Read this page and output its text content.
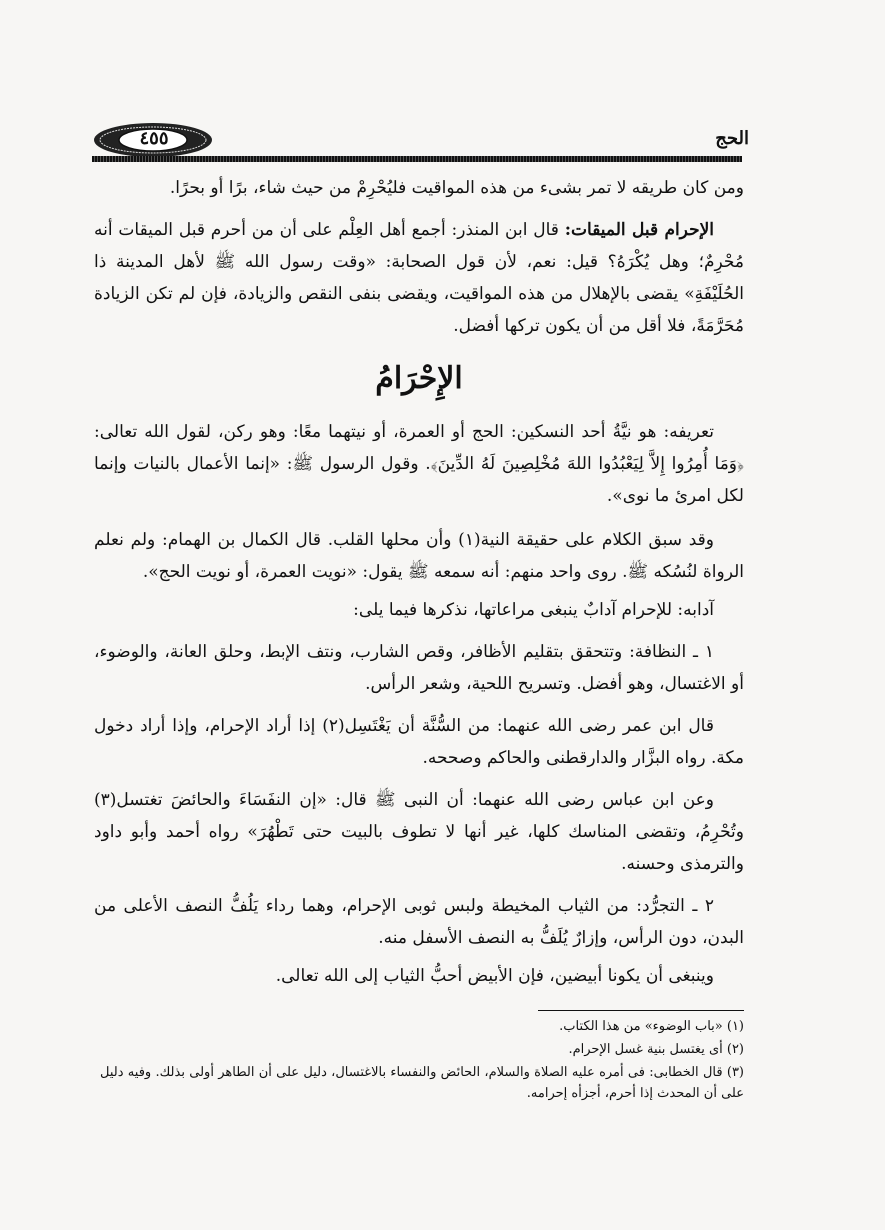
الحج
٤٥٥

ومن كان طريقه لا تمر بشىء من هذه المواقيت فليُحْرِمْ من حيث شاء، برًا أو بحرًا.

الإحرام قبل الميقات: قال ابن المنذر: أجمع أهل العِلْم على أن من أحرم قبل الميقات أنه مُحْرِمٌ؛ وهل يُكْرَهُ؟ قيل: نعم، لأن قول الصحابة: «وقت رسول الله ﷺ لأهل المدينة ذا الحُلَيْفَةِ» يقضى بالإهلال من هذه المواقيت، ويقضى بنفى النقص والزيادة، فإن لم تكن الزيادة مُحَرَّمَةً، فلا أقل من أن يكون تركها أفضل.

الإِحْرَامُ

تعريفه: هو نيَّةُ أحد النسكين: الحج أو العمرة، أو نيتهما معًا: وهو ركن، لقول الله تعالى: ﴿وَمَا أُمِرُوا إِلاَّ لِيَعْبُدُوا اللهَ مُخْلِصِينَ لَهُ الدِّينَ﴾. وقول الرسول ﷺ: «إنما الأعمال بالنيات وإنما لكل امرئ ما نوى».

وقد سبق الكلام على حقيقة النية(١) وأن محلها القلب. قال الكمال بن الهمام: ولم نعلم الرواة لنُسُكه ﷺ. روى واحد منهم: أنه سمعه ﷺ يقول: «نويت العمرة، أو نويت الحج».

آدابه: للإحرام آدابٌ ينبغى مراعاتها، نذكرها فيما يلى:

١ ـ النظافة: وتتحقق بتقليم الأظافر، وقص الشارب، ونتف الإبط، وحلق العانة، والوضوء، أو الاغتسال، وهو أفضل. وتسريح اللحية، وشعر الرأس.

قال ابن عمر رضى الله عنهما: من السُّنَّة أن يَغْتَسِل(٢) إذا أراد الإحرام، وإذا أراد دخول مكة. رواه البزَّار والدارقطنى والحاكم وصححه.

وعن ابن عباس رضى الله عنهما: أن النبى ﷺ قال: «إن النفَسَاءَ والحائضَ تغتسل(٣) وتُحْرِمُ، وتقضى المناسك كلها، غير أنها لا تطوف بالبيت حتى تَطْهُرَ» رواه أحمد وأبو داود والترمذى وحسنه.

٢ ـ التجرُّد: من الثياب المخيطة ولبس ثوبى الإحرام، وهما رداء يَلُفُّ النصف الأعلى من البدن، دون الرأس، وإزارٌ يُلَفُّ به النصف الأسفل منه.

وينبغى أن يكونا أبيضين، فإن الأبيض أحبُّ الثياب إلى الله تعالى.

(١) «باب الوضوء» من هذا الكتاب.

(٢) أى يغتسل بنية غسل الإحرام.

(٣) قال الخطابى: فى أمره عليه الصلاة والسلام، الحائض والنفساء بالاغتسال، دليل على أن الطاهر أولى بذلك. وفيه دليل على أن المحدث إذا أحرم، أجزأه إحرامه.
